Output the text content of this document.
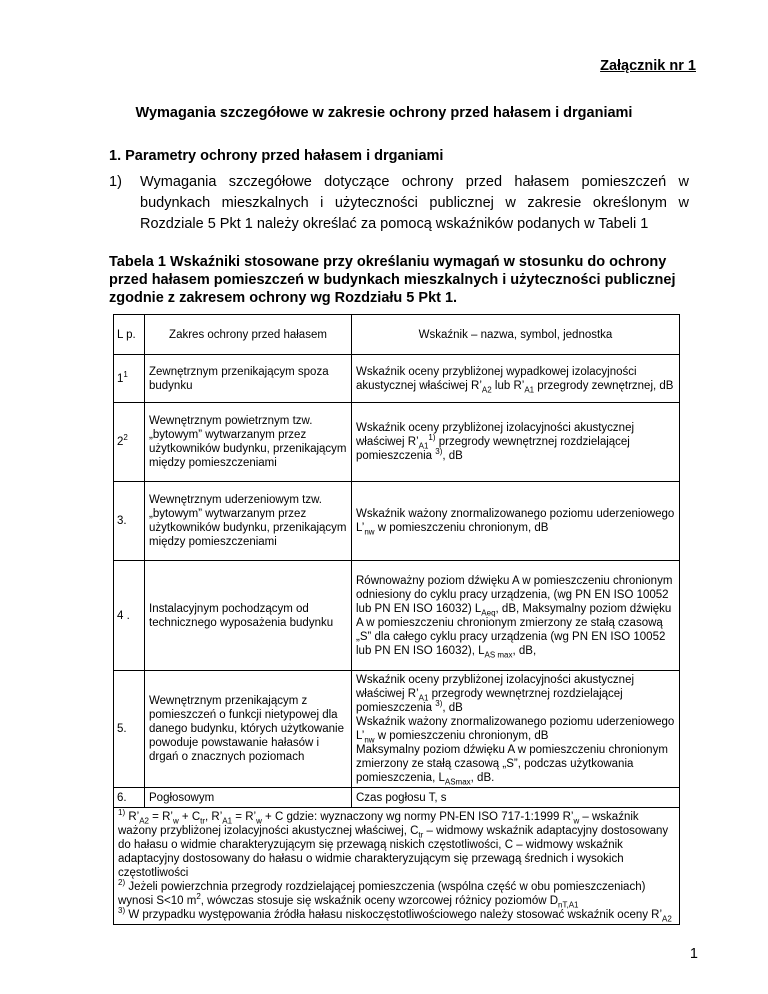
Załącznik nr 1
Wymagania szczegółowe w zakresie ochrony przed hałasem i drganiami
1. Parametry ochrony przed hałasem i drganiami
1) Wymagania szczegółowe dotyczące ochrony przed hałasem pomieszczeń w budynkach mieszkalnych i użyteczności publicznej w zakresie określonym w Rozdziale 5 Pkt 1 należy określać za pomocą wskaźników podanych w Tabeli 1
Tabela 1 Wskaźniki stosowane przy określaniu wymagań w stosunku do ochrony przed hałasem pomieszczeń w budynkach mieszkalnych i użyteczności publicznej zgodnie z zakresem ochrony wg Rozdziału 5 Pkt 1.
L p.	Zakres ochrony przed hałasem	Wskaźnik – nazwa, symbol, jednostka
$1^1$	Zewnętrznym przenikającym spoza budynku	Wskaźnik oceny przybliżonej wypadkowej izolacyjności akustycznej właściwej $R’_{A2}$ lub $R’_{A1}$ przegrody zewnętrznej, dB
$2^2$	Wewnętrznym powietrznym tzw. „bytowym” wytwarzanym przez użytkowników budynku, przenikającym między pomieszczeniami	Wskaźnik oceny przybliżonej izolacyjności akustycznej właściwej $R’_{A1}^{1)}$ przegrody wewnętrznej rozdzielającej pomieszczenia $^{3)}$, dB
3.	Wewnętrznym uderzeniowym tzw. „bytowym” wytwarzanym przez użytkowników budynku, przenikającym między pomieszczeniami	Wskaźnik ważony znormalizowanego poziomu uderzeniowego $L’_{nw}$ w pomieszczeniu chronionym, dB
4 .	Instalacyjnym pochodzącym od technicznego wyposażenia budynku	Równoważny poziom dźwięku A w pomieszczeniu chronionym odniesiony do cyklu pracy urządzenia, (wg PN EN ISO 10052 lub PN EN ISO 16032) $L_{Aeq}$, dB, Maksymalny poziom dźwięku A w pomieszczeniu chronionym zmierzony ze stałą czasową „S” dla całego cyklu pracy urządzenia (wg PN EN ISO 10052 lub PN EN ISO 16032), $L_{AS max}$, dB,
5.	Wewnętrznym przenikającym z pomieszczeń o funkcji nietypowej dla danego budynku, których użytkowanie powoduje powstawanie hałasów i drgań o znacznych poziomach	Wskaźnik oceny przybliżonej izolacyjności akustycznej właściwej $R’_{A1}$ przegrody wewnętrznej rozdzielającej pomieszczenia $^{3)}$, dB
Wskaźnik ważony znormalizowanego poziomu uderzeniowego $L’_{nw}$ w pomieszczeniu chronionym, dB
Maksymalny poziom dźwięku A w pomieszczeniu chronionym zmierzony ze stałą czasową „S”, podczas użytkowania pomieszczenia, $L_{ASmax}$, dB.
6.	Pogłosowym	Czas pogłosu T, s

$^{1)}$ $R’_{A2}$ = $R’_w + C_{tr}$, $R’_{A1}$ = $R’_w + C$ gdzie: wyznaczony wg normy PN-EN ISO 717-1:1999 $R’_w$ – wskaźnik ważony przybliżonej izolacyjności akustycznej właściwej, $C_{tr}$ – widmowy wskaźnik adaptacyjny dostosowany do hałasu o widmie charakteryzującym się przewagą niskich częstotliwości, C – widmowy wskaźnik adaptacyjny dostosowany do hałasu o widmie charakteryzującym się przewagą średnich i wysokich częstotliwości
$^{2)}$ Jeżeli powierzchnia przegrody rozdzielającej pomieszczenia (wspólna część w obu pomieszczeniach) wynosi S<10 $m^2$, wówczas stosuje się wskaźnik oceny wzorcowej różnicy poziomów $D_{nT,A1}$
$^{3)}$ W przypadku występowania źródła hałasu niskoczęstotliwościowego należy stosować wskaźnik oceny $R’_{A2}$
1
